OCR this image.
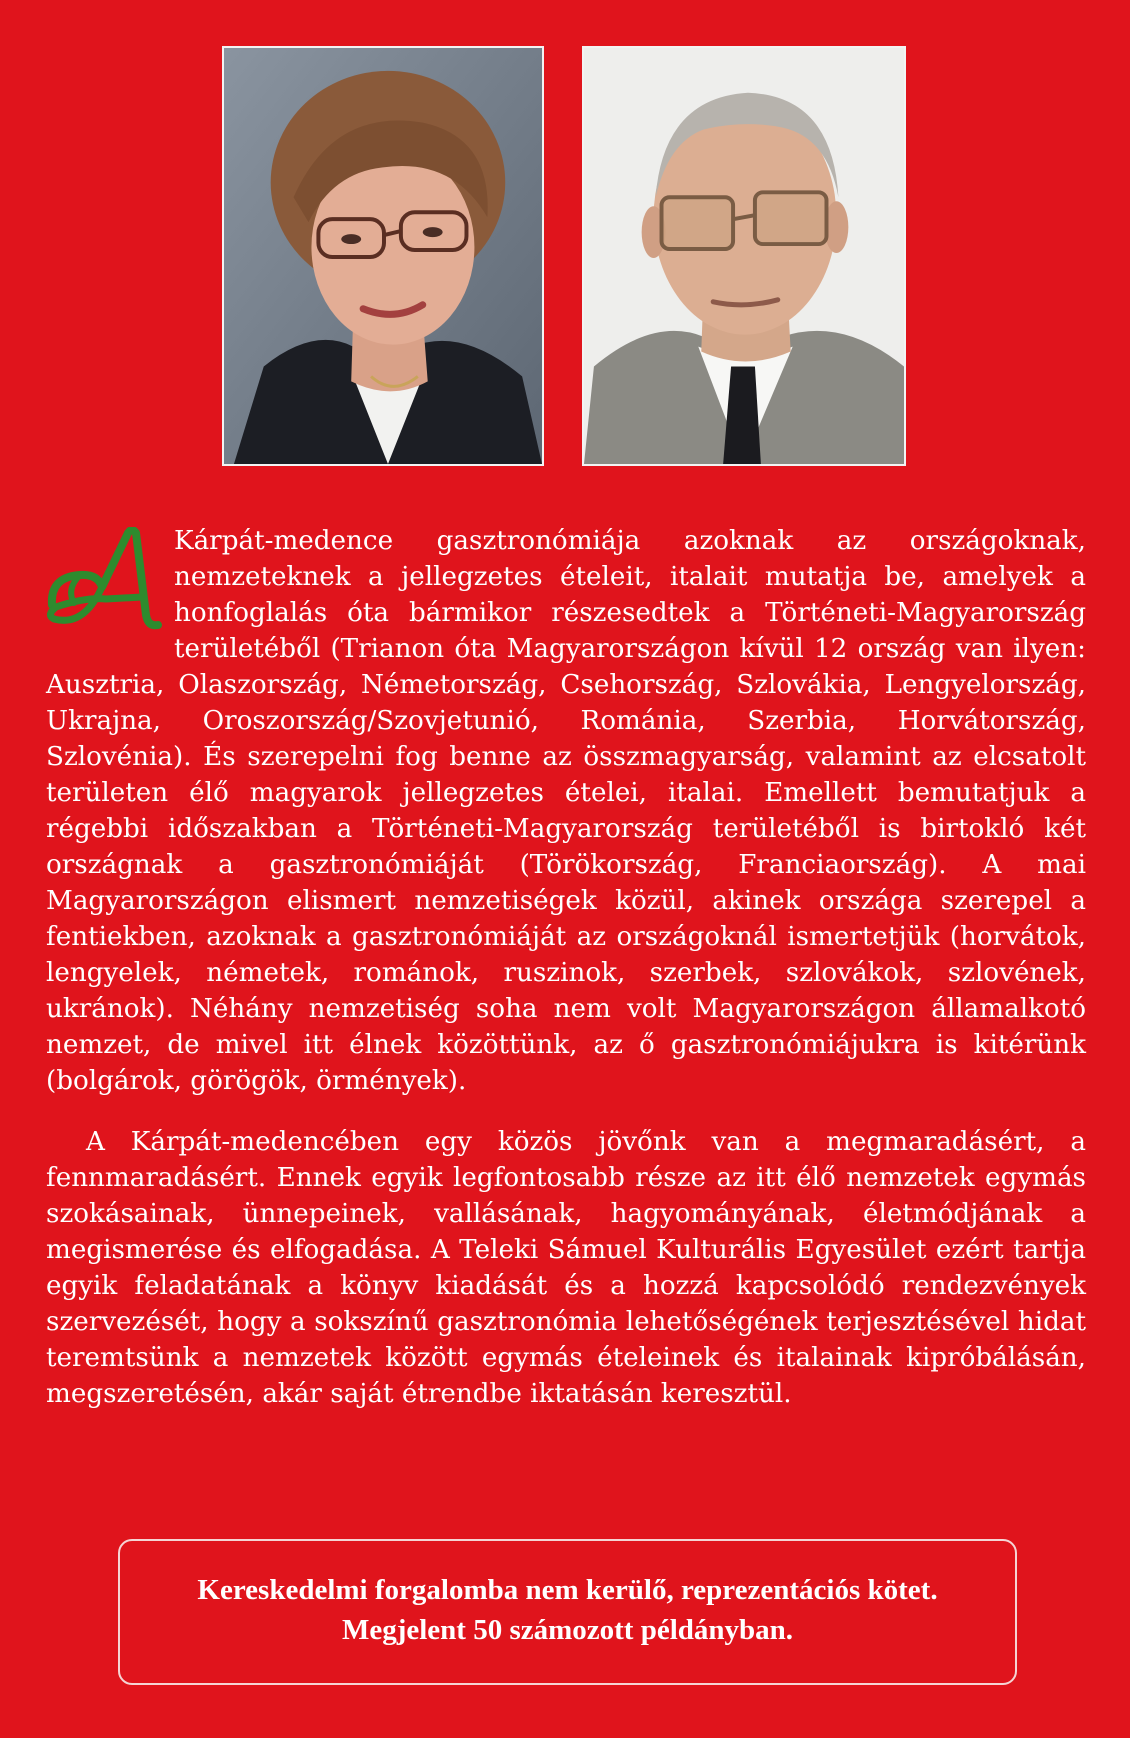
Kárpát-medence gasztronómiája azoknak az országoknak, nemzeteknek a jellegzetes ételeit, italait mutatja be, amelyek a honfoglalás óta bármikor részesedtek a Történeti-Magyarország területéből (Trianon óta Magyarországon kívül 12 ország van ilyen: Ausztria, Olaszország, Németország, Csehország, Szlovákia, Lengyelország, Ukrajna, Oroszország/Szovjetunió, Románia, Szerbia, Horvátország, Szlovénia). És szerepelni fog benne az összmagyarság, valamint az elcsatolt területen élő magyarok jellegzetes ételei, italai. Emellett bemutatjuk a régebbi időszakban a Történeti-Magyarország területéből is birtokló két országnak a gasztronómiáját (Törökország, Franciaország). A mai Magyarországon elismert nemzetiségek közül, akinek országa szerepel a fentiekben, azoknak a gasztronómiáját az országoknál ismertetjük (horvátok, lengyelek, németek, románok, ruszinok, szerbek, szlovákok, szlovének, ukránok). Néhány nemzetiség soha nem volt Magyarországon államalkotó nemzet, de mivel itt élnek közöttünk, az ő gasztronómiájukra is kitérünk (bolgárok, görögök, örmények).
A Kárpát-medencében egy közös jövőnk van a megmaradásért, a fennmaradásért. Ennek egyik legfontosabb része az itt élő nemzetek egymás szokásainak, ünnepeinek, vallásának, hagyományának, életmódjának a megismerése és elfogadása. A Teleki Sámuel Kulturális Egyesület ezért tartja egyik feladatának a könyv kiadását és a hozzá kapcsolódó rendezvények szervezését, hogy a sokszínű gasztronómia lehetőségének terjesztésével hidat teremtsünk a nemzetek között egymás ételeinek és italainak kipróbálásán, megszeretésén, akár saját étrendbe iktatásán keresztül.
Kereskedelmi forgalomba nem kerülő, reprezentációs kötet.
Megjelent 50 számozott példányban.
